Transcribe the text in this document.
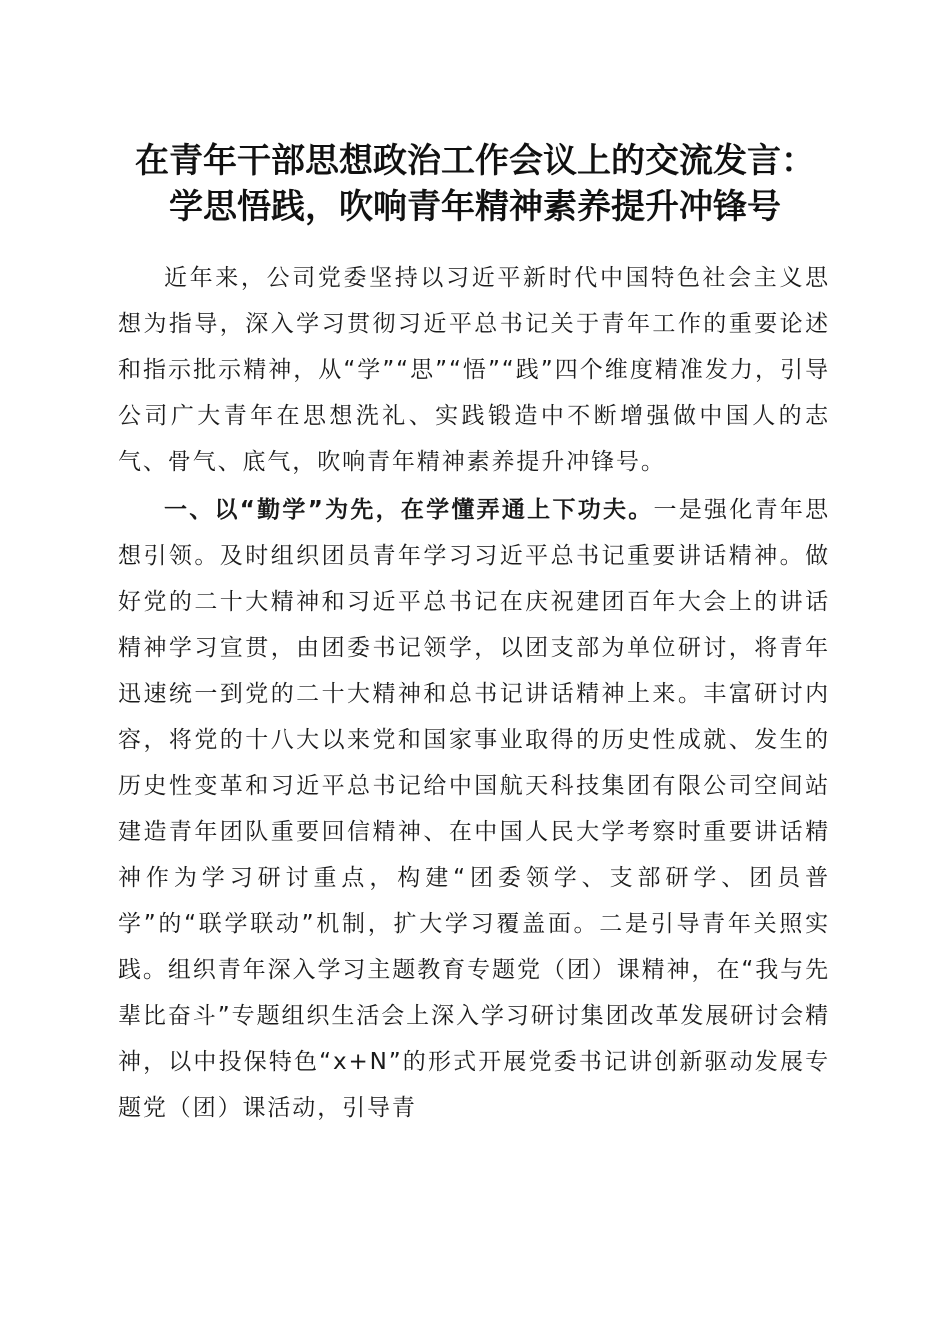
在青年干部思想政治工作会议上的交流发言：
学思悟践，吹响青年精神素养提升冲锋号

近年来，公司党委坚持以习近平新时代中国特色社会主义思想为指导，深入学习贯彻习近平总书记关于青年工作的重要论述和指示批示精神，从“学”“思”“悟”“践”四个维度精准发力，引导公司广大青年在思想洗礼、实践锻造中不断增强做中国人的志气、骨气、底气，吹响青年精神素养提升冲锋号。

一、以“勤学”为先，在学懂弄通上下功夫。一是强化青年思想引领。及时组织团员青年学习习近平总书记重要讲话精神。做好党的二十大精神和习近平总书记在庆祝建团百年大会上的讲话精神学习宣贯，由团委书记领学，以团支部为单位研讨，将青年迅速统一到党的二十大精神和总书记讲话精神上来。丰富研讨内容，将党的十八大以来党和国家事业取得的历史性成就、发生的历史性变革和习近平总书记给中国航天科技集团有限公司空间站建造青年团队重要回信精神、在中国人民大学考察时重要讲话精神作为学习研讨重点，构建“团委领学、支部研学、团员普学”的“联学联动”机制，扩大学习覆盖面。二是引导青年关照实践。组织青年深入学习主题教育专题党（团）课精神，在“我与先辈比奋斗”专题组织生活会上深入学习研讨集团改革发展研讨会精神，以中投保特色“x+N”的形式开展党委书记讲创新驱动发展专题党（团）课活动，引导青
